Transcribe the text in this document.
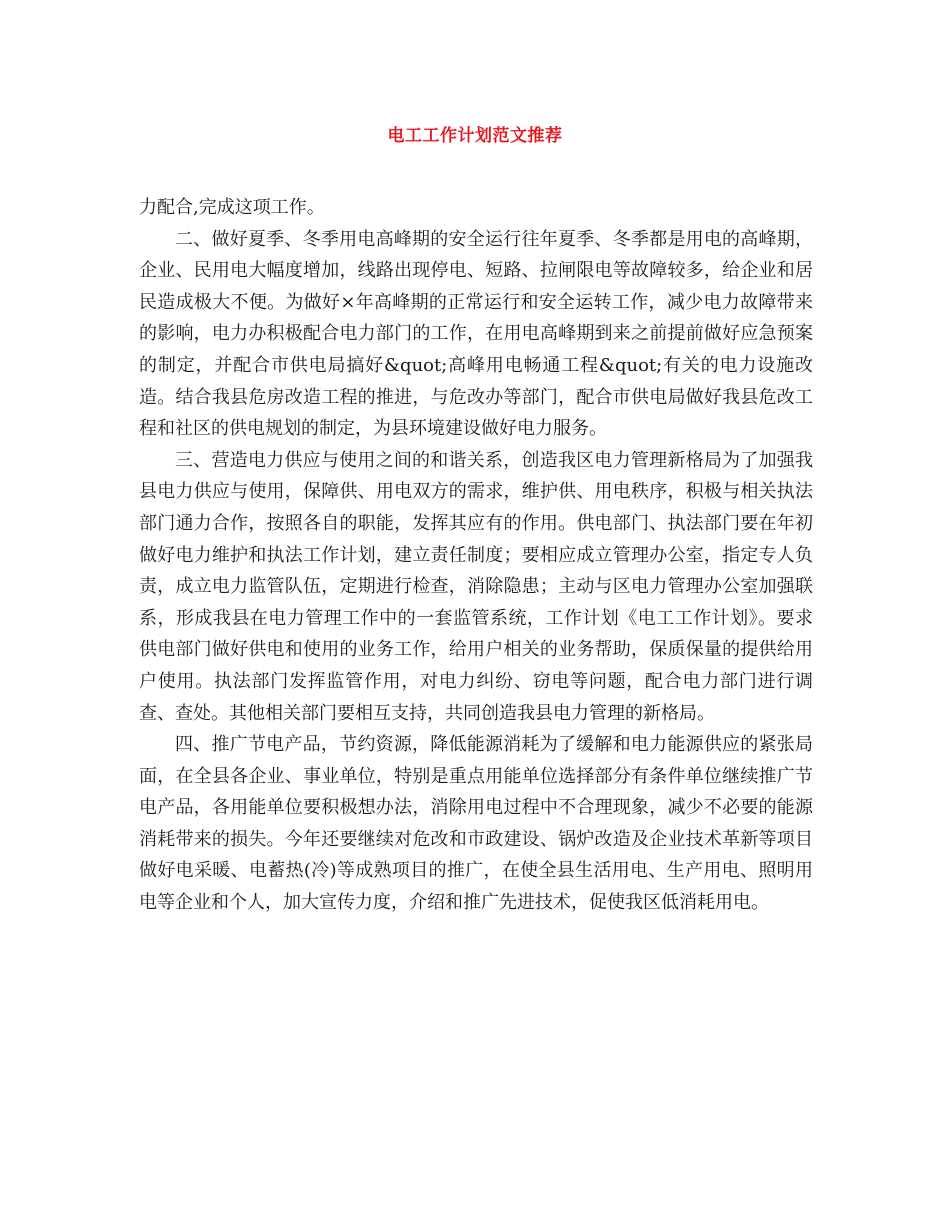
电工工作计划范文推荐

力配合,完成这项工作。

二、做好夏季、冬季用电高峰期的安全运行往年夏季、冬季都是用电的高峰期，企业、民用电大幅度增加，线路出现停电、短路、拉闸限电等故障较多，给企业和居民造成极大不便。为做好×年高峰期的正常运行和安全运转工作，减少电力故障带来的影响，电力办积极配合电力部门的工作，在用电高峰期到来之前提前做好应急预案的制定，并配合市供电局搞好&quot;高峰用电畅通工程&quot;有关的电力设施改造。结合我县危房改造工程的推进，与危改办等部门，配合市供电局做好我县危改工程和社区的供电规划的制定，为县环境建设做好电力服务。

三、营造电力供应与使用之间的和谐关系，创造我区电力管理新格局为了加强我县电力供应与使用，保障供、用电双方的需求，维护供、用电秩序，积极与相关执法部门通力合作，按照各自的职能，发挥其应有的作用。供电部门、执法部门要在年初做好电力维护和执法工作计划，建立责任制度；要相应成立管理办公室，指定专人负责，成立电力监管队伍，定期进行检查，消除隐患；主动与区电力管理办公室加强联系，形成我县在电力管理工作中的一套监管系统，工作计划《电工工作计划》。要求供电部门做好供电和使用的业务工作，给用户相关的业务帮助，保质保量的提供给用户使用。执法部门发挥监管作用，对电力纠纷、窃电等问题，配合电力部门进行调查、查处。其他相关部门要相互支持，共同创造我县电力管理的新格局。

四、推广节电产品，节约资源，降低能源消耗为了缓解和电力能源供应的紧张局面，在全县各企业、事业单位，特别是重点用能单位选择部分有条件单位继续推广节电产品，各用能单位要积极想办法，消除用电过程中不合理现象，减少不必要的能源消耗带来的损失。今年还要继续对危改和市政建设、锅炉改造及企业技术革新等项目做好电采暖、电蓄热(冷)等成熟项目的推广，在使全县生活用电、生产用电、照明用电等企业和个人，加大宣传力度，介绍和推广先进技术，促使我区低消耗用电。
